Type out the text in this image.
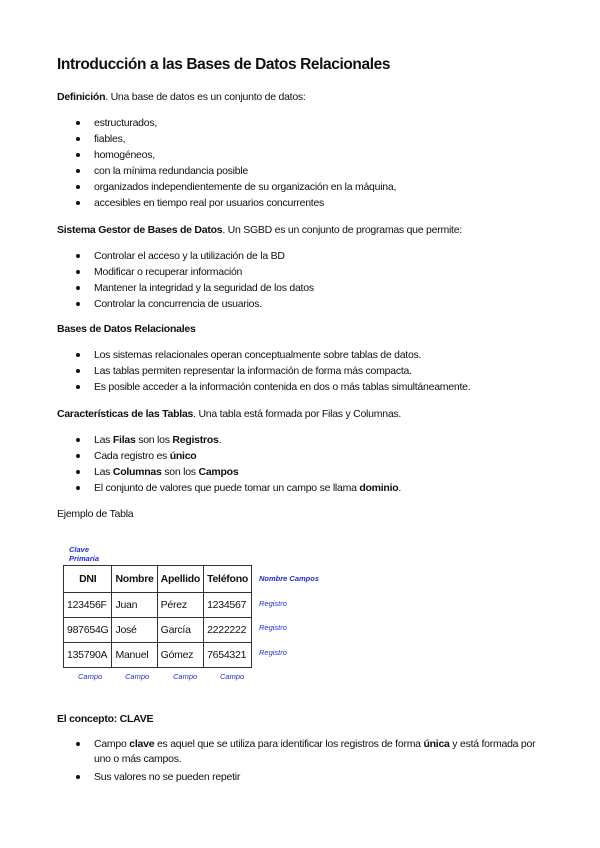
Introducción a las Bases de Datos Relacionales

Definición. Una base de datos es un conjunto de datos:

estructurados,
fiables,
homogéneos,
con la mínima redundancia posible
organizados independientemente de su organización en la máquina,
accesibles en tiempo real por usuarios concurrentes

Sistema Gestor de Bases de Datos. Un SGBD es un conjunto de programas que permite:

Controlar el acceso y la utilización de la BD
Modificar o recuperar información
Mantener la integridad y la seguridad de los datos
Controlar la concurrencia de usuarios.

Bases de Datos Relacionales

Los sistemas relacionales operan conceptualmente sobre tablas de datos.
Las tablas permiten representar la información de forma más compacta.
Es posible acceder a la información contenida en dos o más tablas simultáneamente.

Características de las Tablas. Una tabla está formada por Filas y Columnas.

Las Filas son los Registros.
Cada registro es único
Las Columnas son los Campos
El conjunto de valores que puede tomar un campo se llama dominio.

Ejemplo de Tabla

Clave
Primaria
DNI	Nombre	Apellido	Teléfono
123456F	Juan	Pérez	1234567
987654G	José	García	2222222
135790A	Manuel	Gómez	7654321
Nombre Campos
Registro
Registro
Registro
Campo	Campo	Campo	Campo

El concepto: CLAVE

Campo clave es aquel que se utiliza para identificar los registros de forma única y está formada por uno o más campos.
Sus valores no se pueden repetir
